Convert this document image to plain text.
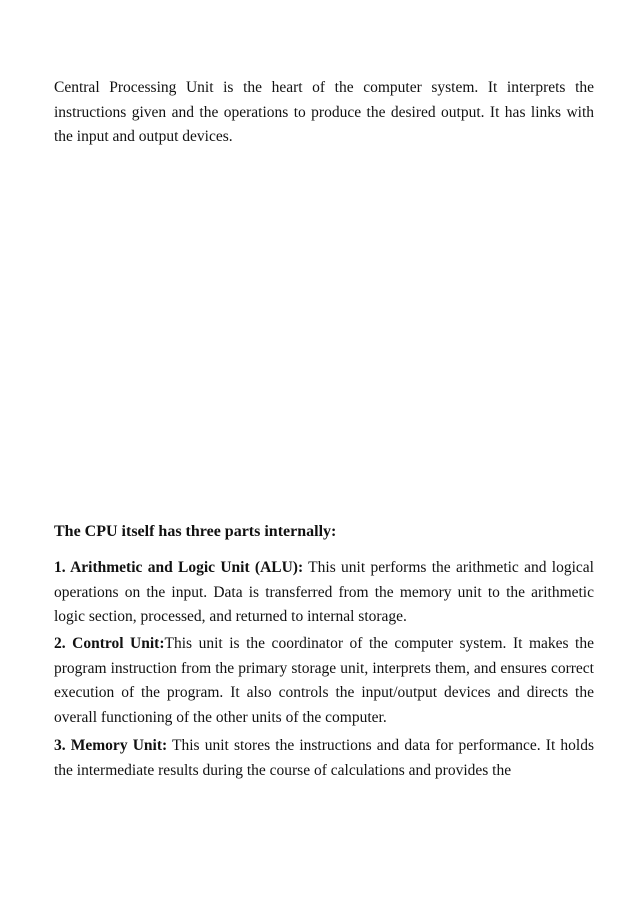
Central Processing Unit is the heart of the computer system. It interprets the instructions given and the operations to produce the desired output. It has links with the input and output devices.

The CPU itself has three parts internally:

1. Arithmetic and Logic Unit (ALU): This unit performs the arithmetic and logical operations on the input. Data is transferred from the memory unit to the arithmetic logic section, processed, and returned to internal storage.

2. Control Unit:This unit is the coordinator of the computer system. It makes the program instruction from the primary storage unit, interprets them, and ensures correct execution of the program. It also controls the input/output devices and directs the overall functioning of the other units of the computer.

3. Memory Unit: This unit stores the instructions and data for performance. It holds the intermediate results during the course of calculations and provides the
